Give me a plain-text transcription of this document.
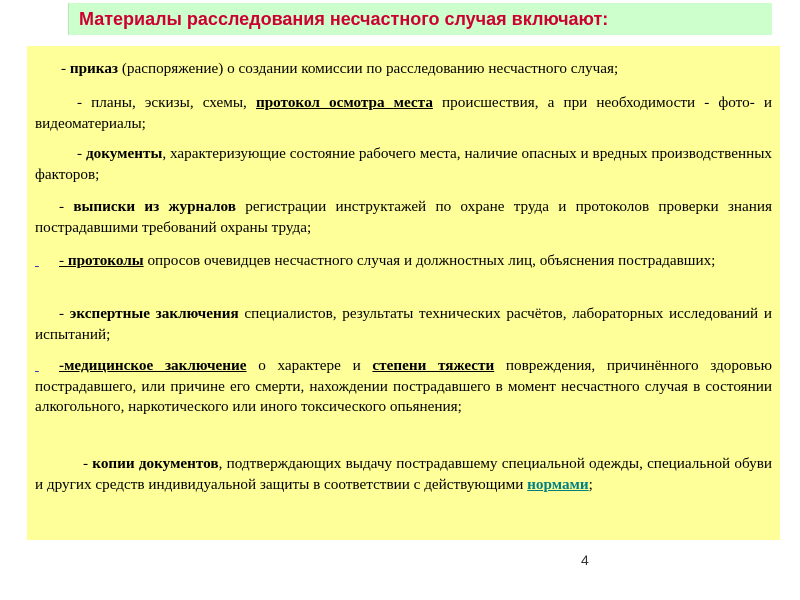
Материалы расследования несчастного случая включают:
- приказ (распоряжение) о создании комиссии по расследованию несчастного случая;
- планы, эскизы, схемы, протокол осмотра места происшествия, а при необходимости - фото- и видеоматериалы;
- документы, характеризующие состояние рабочего места, наличие опасных и вредных производственных факторов;
- выписки из журналов регистрации инструктажей по охране труда и протоколов проверки знания пострадавшими требований охраны труда;
- протоколы опросов очевидцев несчастного случая и должностных лиц, объяснения пострадавших;
- экспертные заключения специалистов, результаты технических расчётов, лабораторных исследований и испытаний;
-медицинское заключение о характере и степени тяжести повреждения, причинённого здоровью пострадавшего, или причине его смерти, нахождении пострадавшего в момент несчастного случая в состоянии алкогольного, наркотического или иного токсического опьянения;
- копии документов, подтверждающих выдачу пострадавшему специальной одежды, специальной обуви и других средств индивидуальной защиты в соответствии с действующими нормами;
4
